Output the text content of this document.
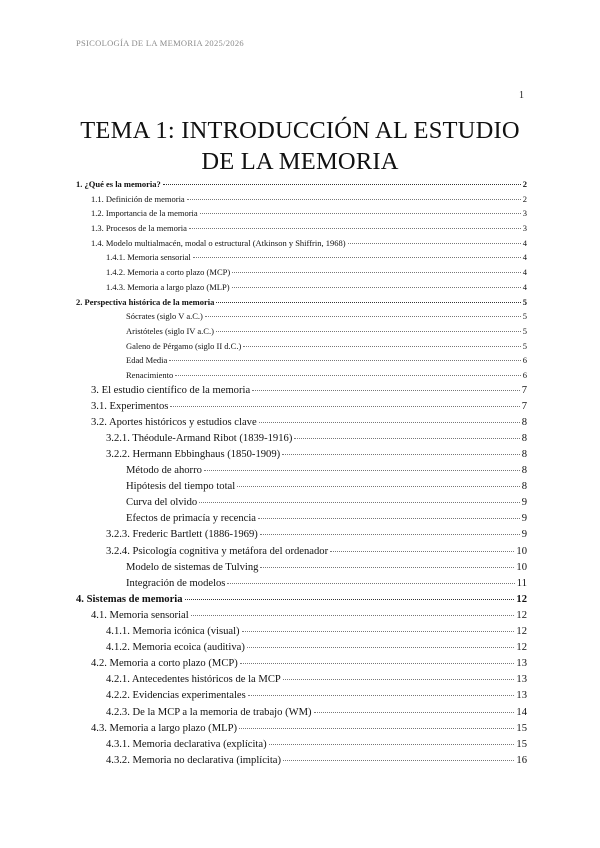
PSICOLOGÍA DE LA MEMORIA 2025/2026
1
TEMA 1: INTRODUCCIÓN AL ESTUDIO
DE LA MEMORIA
1. ¿Qué es la memoria?	2
1.1. Definición de memoria	2
1.2. Importancia de la memoria	3
1.3. Procesos de la memoria	3
1.4. Modelo multialmacén, modal o estructural (Atkinson y Shiffrin, 1968)	4
1.4.1. Memoria sensorial	4
1.4.2. Memoria a corto plazo (MCP)	4
1.4.3. Memoria a largo plazo (MLP)	4
2. Perspectiva histórica de la memoria	5
Sócrates (siglo V a.C.)	5
Aristóteles (siglo IV a.C.)	5
Galeno de Pérgamo (siglo II d.C.)	5
Edad Media	6
Renacimiento	6
3. El estudio científico de la memoria	7
3.1. Experimentos	7
3.2. Aportes históricos y estudios clave	8
3.2.1. Théodule-Armand Ribot (1839-1916)	8
3.2.2. Hermann Ebbinghaus (1850-1909)	8
Método de ahorro	8
Hipótesis del tiempo total	8
Curva del olvido	9
Efectos de primacía y recencia	9
3.2.3. Frederic Bartlett (1886-1969)	9
3.2.4. Psicología cognitiva y metáfora del ordenador	10
Modelo de sistemas de Tulving	10
Integración de modelos	11
4. Sistemas de memoria	12
4.1. Memoria sensorial	12
4.1.1. Memoria icónica (visual)	12
4.1.2. Memoria ecoica (auditiva)	12
4.2. Memoria a corto plazo (MCP)	13
4.2.1. Antecedentes históricos de la MCP	13
4.2.2. Evidencias experimentales	13
4.2.3. De la MCP a la memoria de trabajo (WM)	14
4.3. Memoria a largo plazo (MLP)	15
4.3.1. Memoria declarativa (explícita)	15
4.3.2. Memoria no declarativa (implícita)	16
